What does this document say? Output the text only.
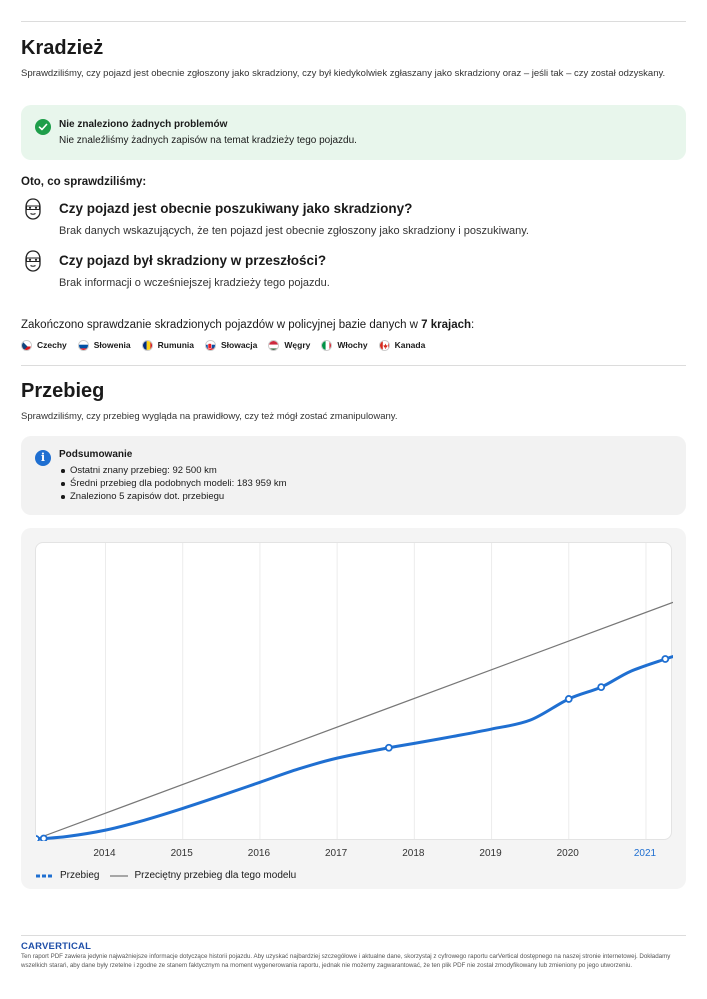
Kradzież
Sprawdziliśmy, czy pojazd jest obecnie zgłoszony jako skradziony, czy był kiedykolwiek zgłaszany jako skradziony oraz – jeśli tak – czy został odzyskany.
Nie znaleziono żadnych problemów
Nie znaleźliśmy żadnych zapisów na temat kradzieży tego pojazdu.
Oto, co sprawdziliśmy:
Czy pojazd jest obecnie poszukiwany jako skradziony?
Brak danych wskazujących, że ten pojazd jest obecnie zgłoszony jako skradziony i poszukiwany.
Czy pojazd był skradziony w przeszłości?
Brak informacji o wcześniejszej kradzieży tego pojazdu.
Zakończono sprawdzanie skradzionych pojazdów w policyjnej bazie danych w 7 krajach:
Czechy	Słowenia	Rumunia	Słowacja	Węgry	Włochy	Kanada
Przebieg
Sprawdziliśmy, czy przebieg wygląda na prawidłowy, czy też mógł zostać zmanipulowany.
i	Podsumowanie
Ostatni znany przebieg: 92 500 km
Średni przebieg dla podobnych modeli: 183 959 km
Znaleziono 5 zapisów dot. przebiegu
Przebieg	Przeciętny przebieg dla tego modelu
2014	2015	2016	2017	2018	2019	2020	2021
CARVERTICAL
Ten raport PDF zawiera jedynie najważniejsze informacje dotyczące historii pojazdu. Aby uzyskać najbardziej szczegółowe i aktualne dane, skorzystaj z cyfrowego raportu carVertical dostępnego na naszej stronie internetowej. Dokładamy wszelkich starań, aby dane były rzetelne i zgodne ze stanem faktycznym na moment wygenerowania raportu, jednak nie możemy zagwarantować, że ten plik PDF nie został zmodyfikowany lub zmieniony po jego utworzeniu.
